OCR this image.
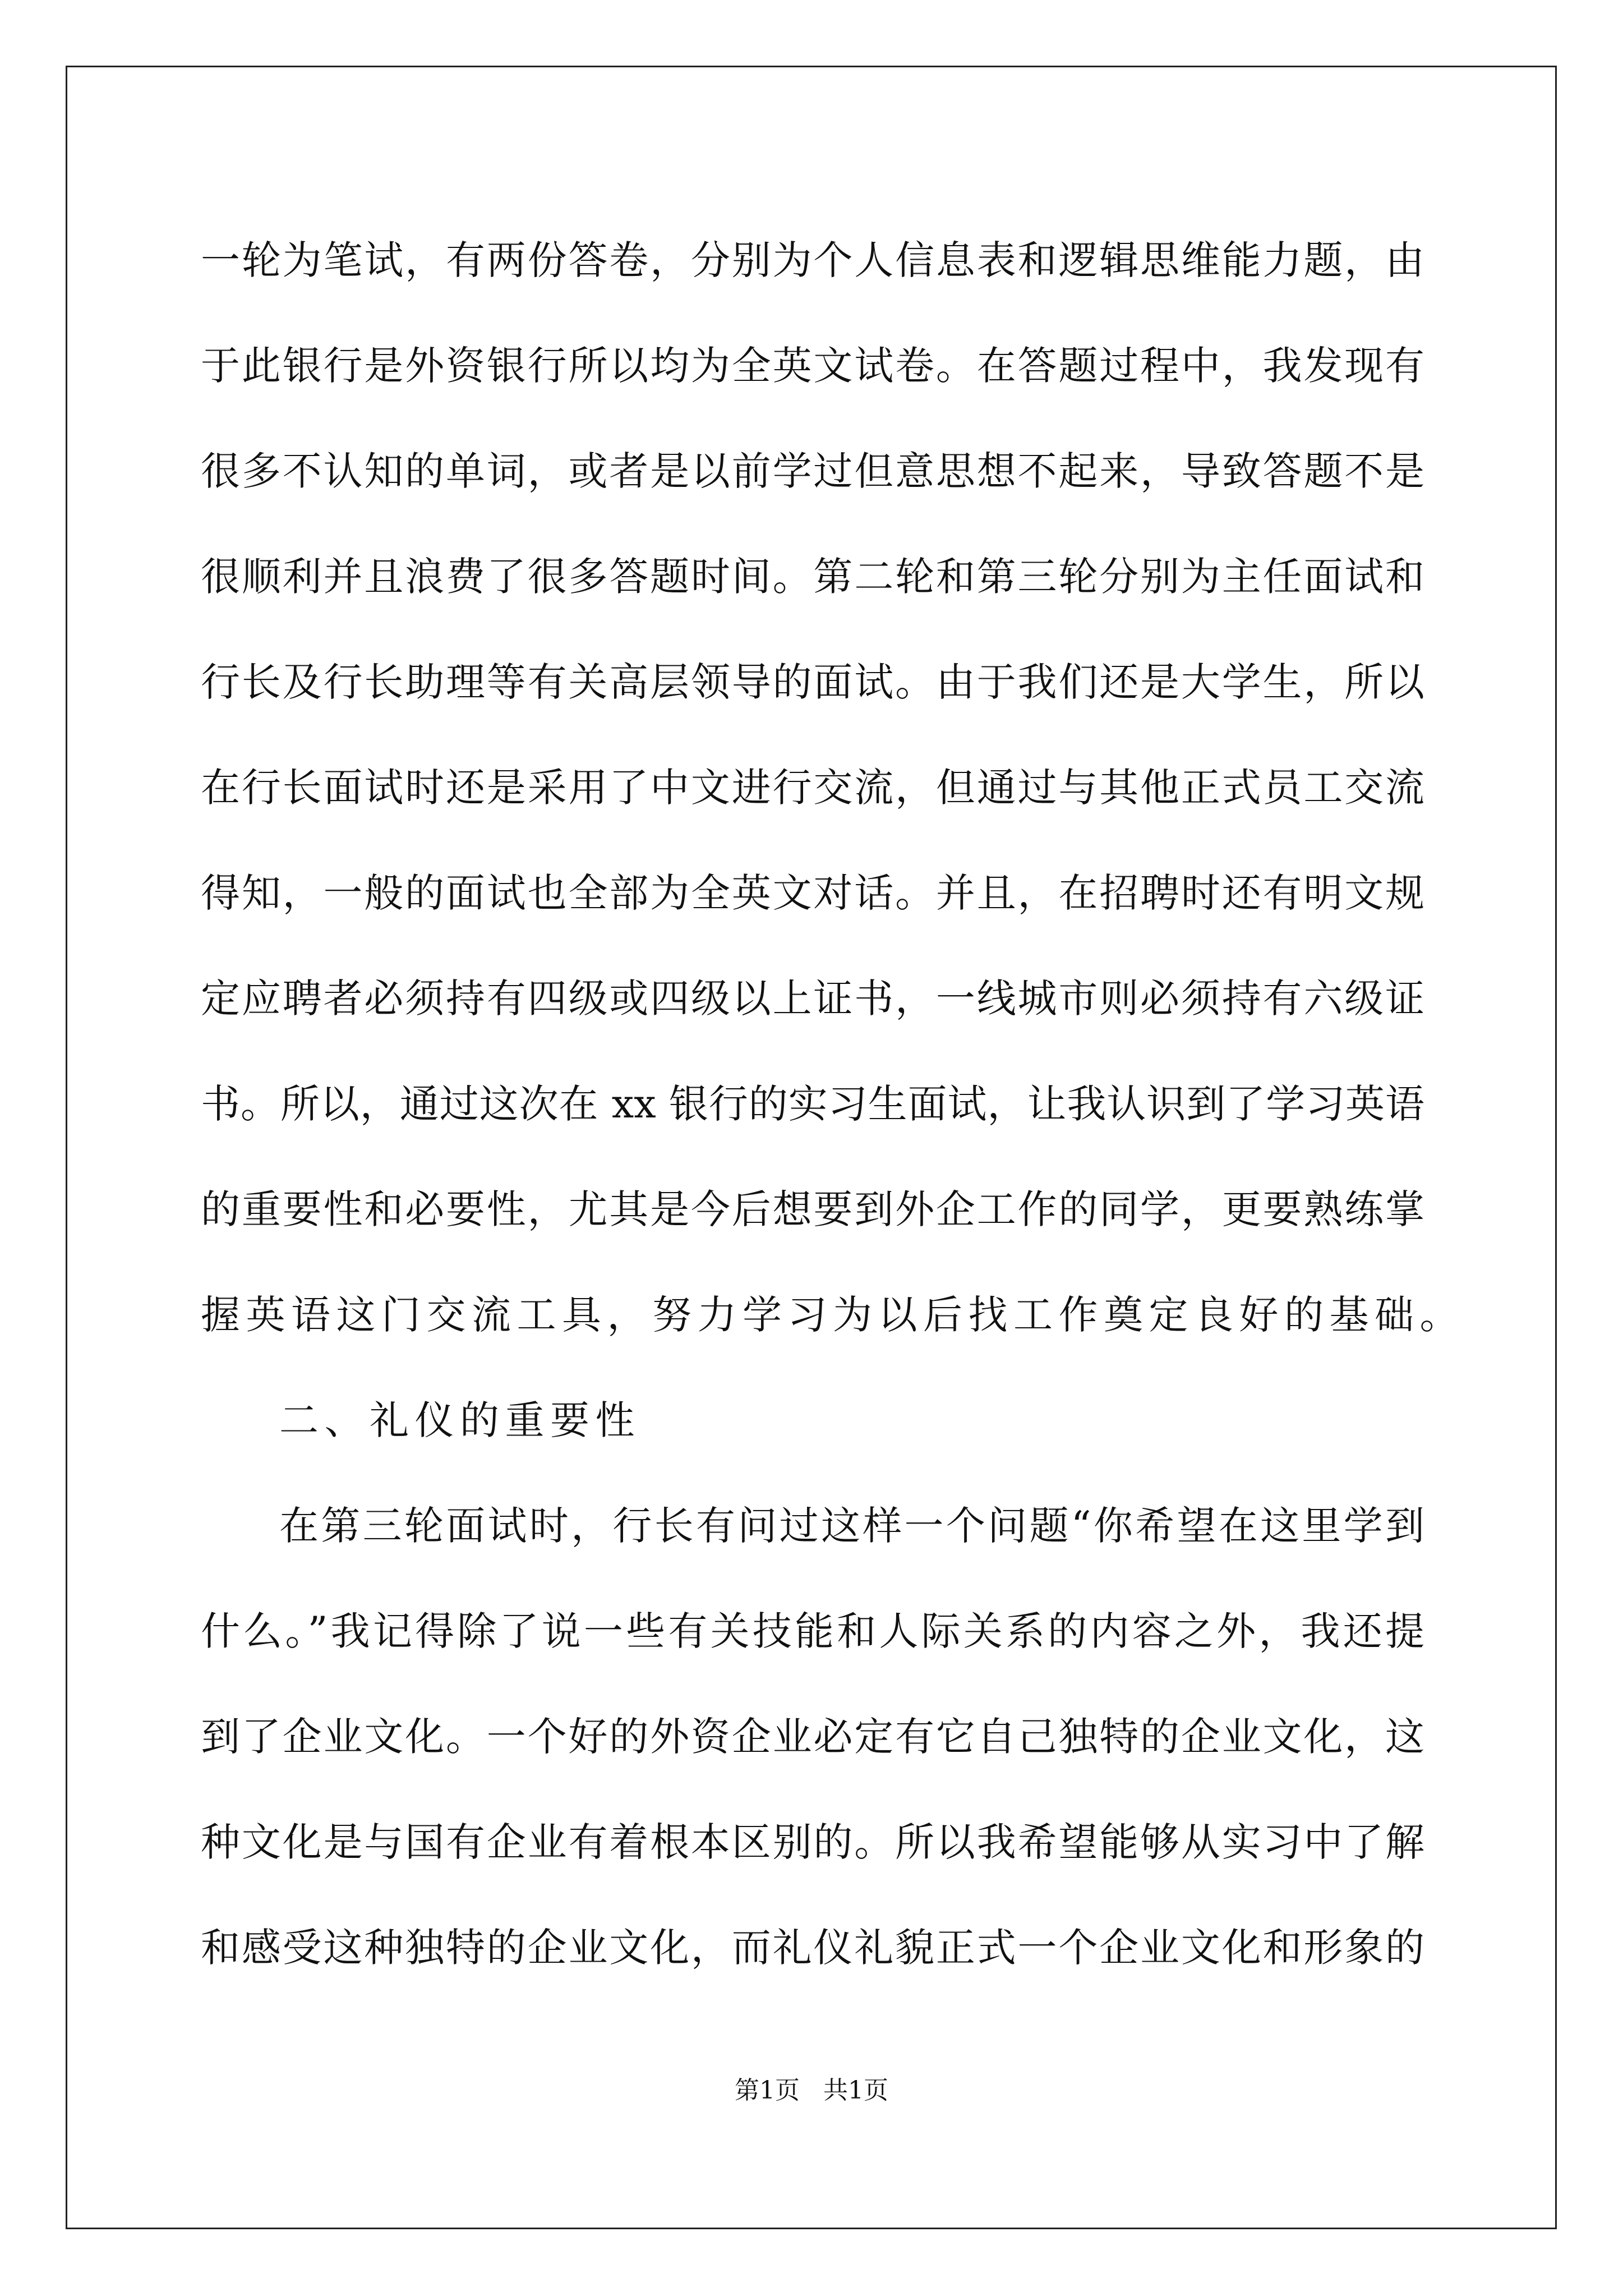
一轮为笔试，有两份答卷，分别为个人信息表和逻辑思维能力题，由
于此银行是外资银行所以均为全英文试卷。在答题过程中，我发现有
很多不认知的单词，或者是以前学过但意思想不起来，导致答题不是
很顺利并且浪费了很多答题时间。第二轮和第三轮分别为主任面试和
行长及行长助理等有关高层领导的面试。由于我们还是大学生，所以
在行长面试时还是采用了中文进行交流，但通过与其他正式员工交流
得知，一般的面试也全部为全英文对话。并且，在招聘时还有明文规
定应聘者必须持有四级或四级以上证书，一线城市则必须持有六级证
书。所以，通过这次在 xx 银行的实习生面试，让我认识到了学习英语
的重要性和必要性，尤其是今后想要到外企工作的同学，更要熟练掌
握英语这门交流工具，努力学习为以后找工作奠定良好的基础。
二、礼仪的重要性
在第三轮面试时，行长有问过这样一个问题“你希望在这里学到
什么。”我记得除了说一些有关技能和人际关系的内容之外，我还提
到了企业文化。一个好的外资企业必定有它自己独特的企业文化，这
种文化是与国有企业有着根本区别的。所以我希望能够从实习中了解
和感受这种独特的企业文化，而礼仪礼貌正式一个企业文化和形象的
第1页   共1页
